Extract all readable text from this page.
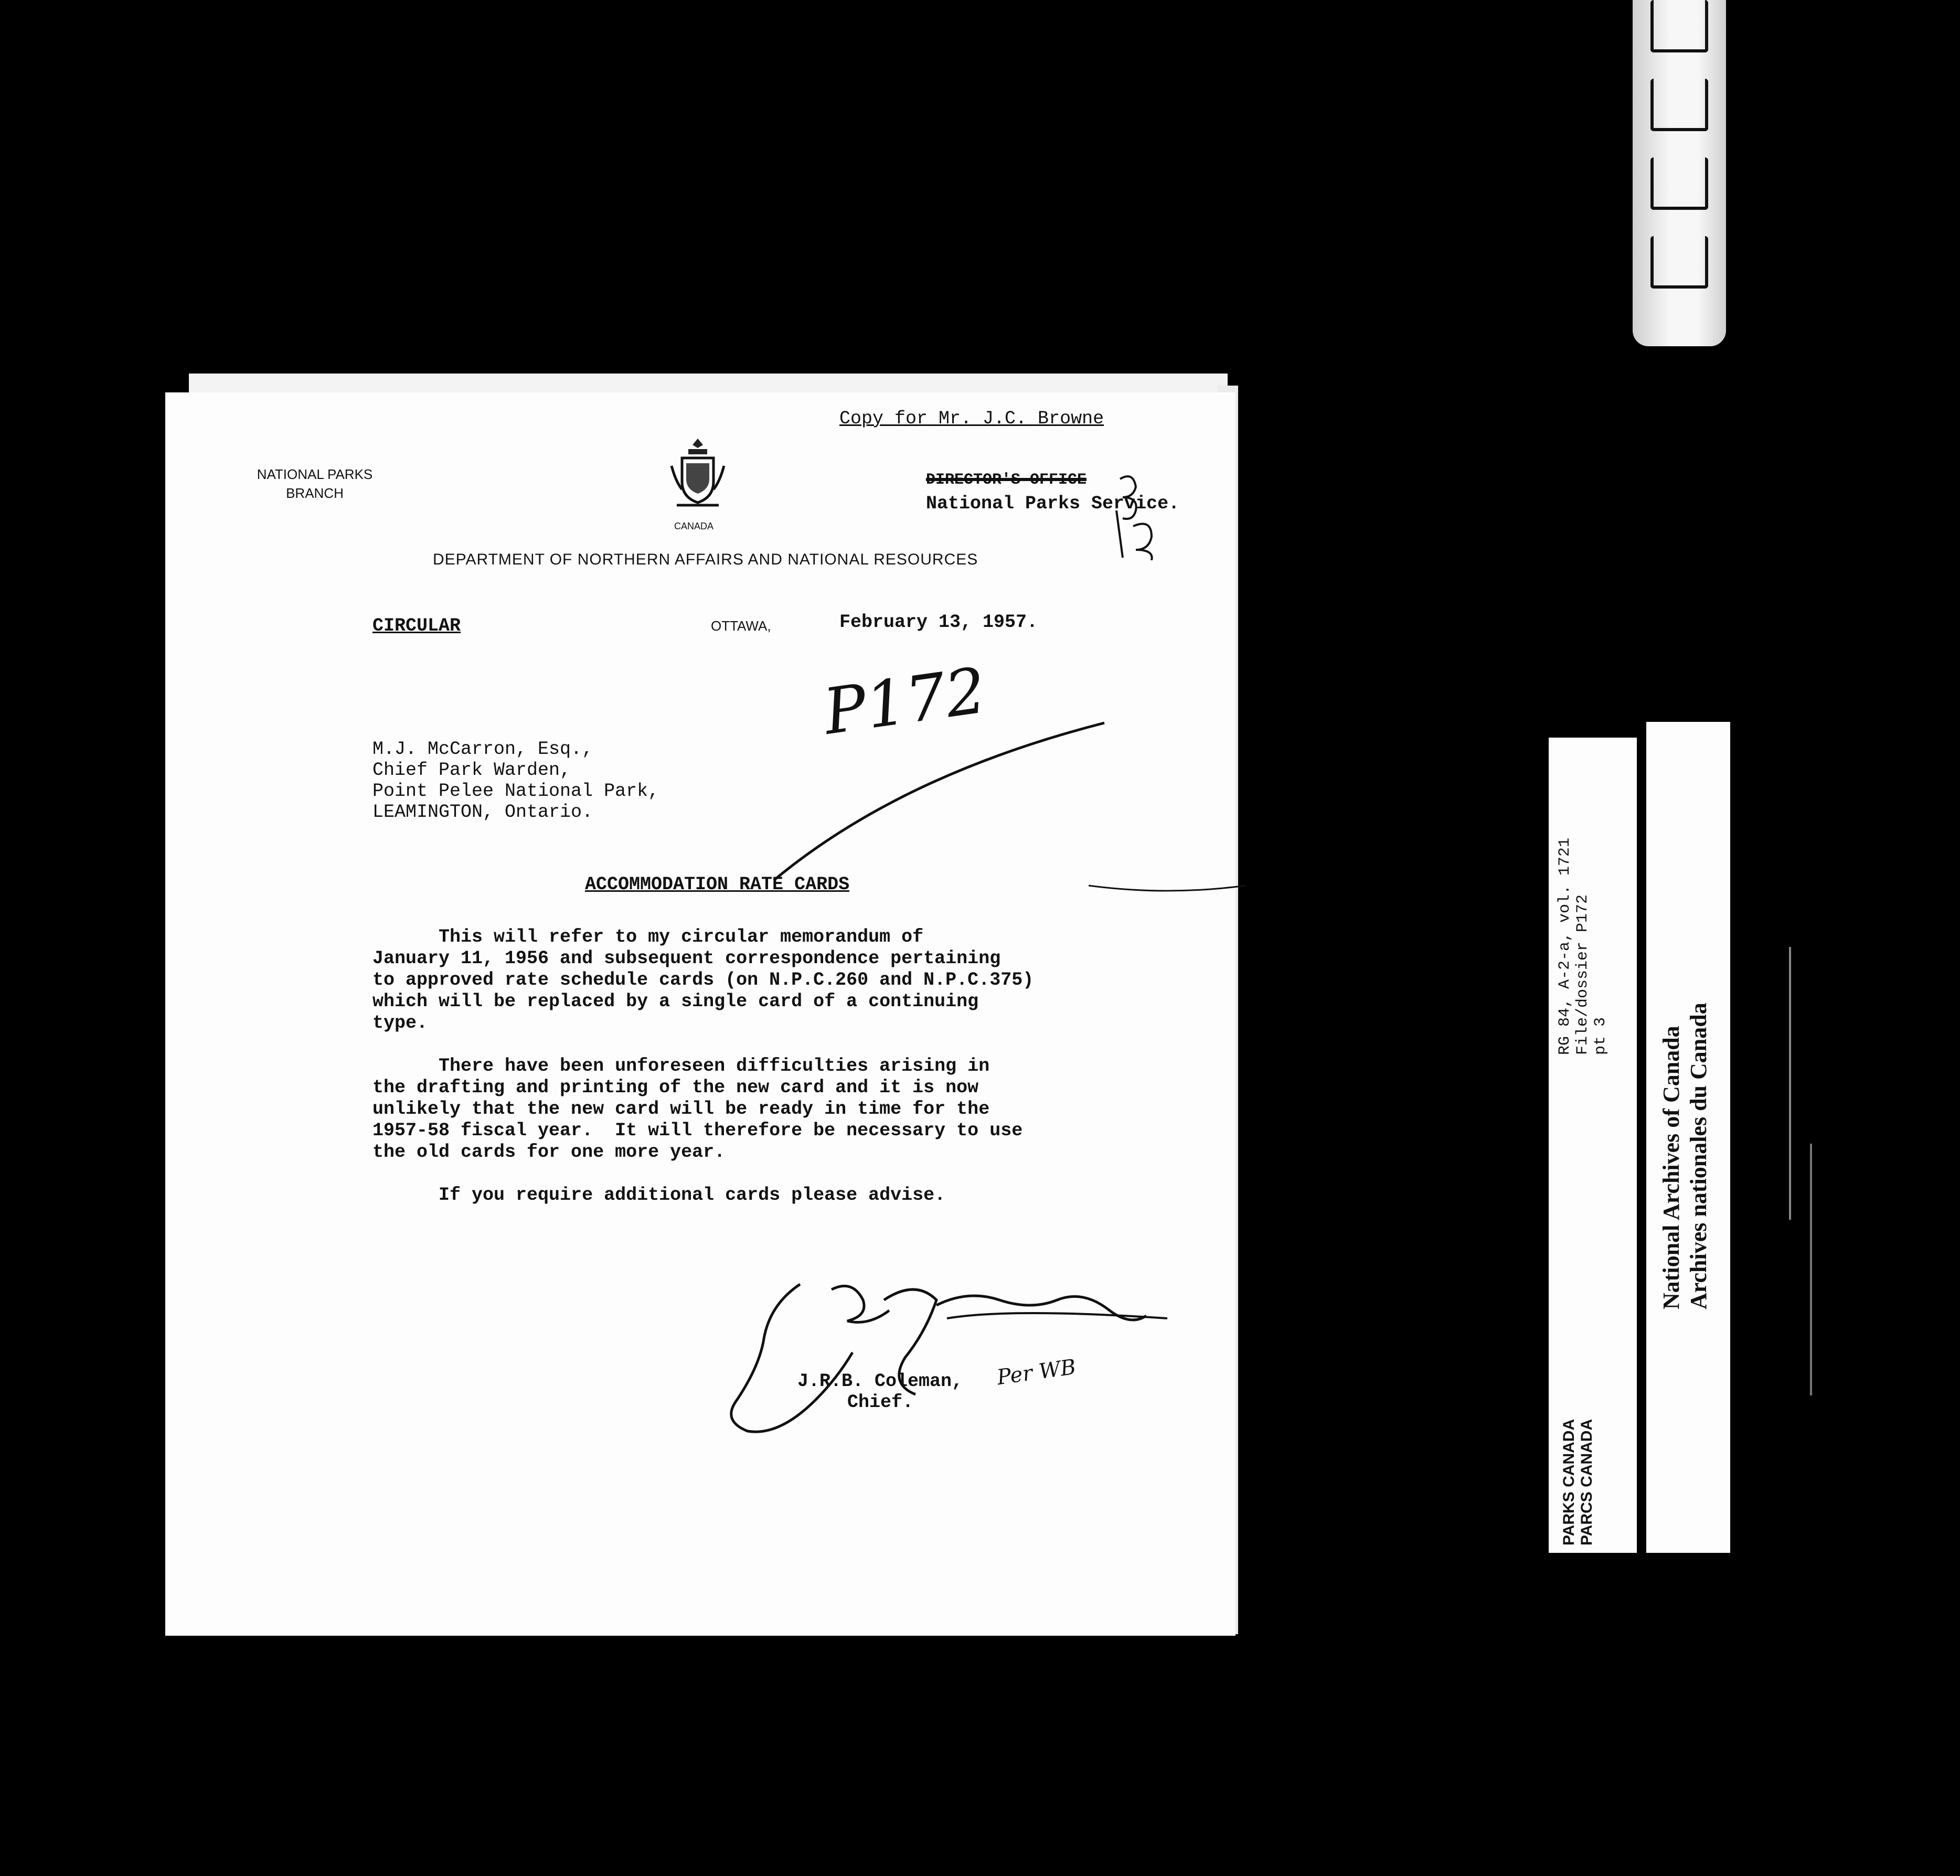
Copy for Mr. J.C. Browne
NATIONAL PARKS
BRANCH
CANADA
DIRECTOR'S OFFICE
National Parks Service.
DEPARTMENT OF NORTHERN AFFAIRS AND NATIONAL RESOURCES
CIRCULAR	OTTAWA,	February 13, 1957.
P172
M.J. McCarron, Esq.,
Chief Park Warden,
Point Pelee National Park,
LEAMINGTON, Ontario.
ACCOMMODATION RATE CARDS
This will refer to my circular memorandum of
January 11, 1956 and subsequent correspondence pertaining
to approved rate schedule cards (on N.P.C.260 and N.P.C.375)
which will be replaced by a single card of a continuing
type.
There have been unforeseen difficulties arising in
the drafting and printing of the new card and it is now
unlikely that the new card will be ready in time for the
1957-58 fiscal year.  It will therefore be necessary to use
the old cards for one more year.
If you require additional cards please advise.
J.R.B. Coleman,
Chief.
Per WB
RG 84, A-2-a, vol. 1721 File/dossier P172 pt 3
PARKS CANADA PARCS CANADA
National Archives of Canada Archives nationales du Canada
